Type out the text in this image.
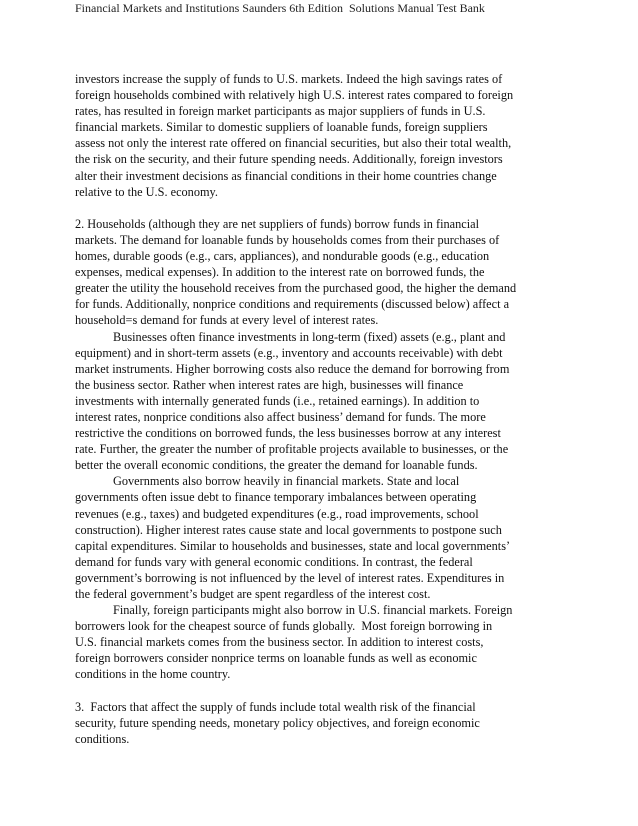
Financial Markets and Institutions Saunders 6th Edition  Solutions Manual Test Bank
investors increase the supply of funds to U.S. markets. Indeed the high savings rates of
foreign households combined with relatively high U.S. interest rates compared to foreign
rates, has resulted in foreign market participants as major suppliers of funds in U.S.
financial markets. Similar to domestic suppliers of loanable funds, foreign suppliers
assess not only the interest rate offered on financial securities, but also their total wealth,
the risk on the security, and their future spending needs. Additionally, foreign investors
alter their investment decisions as financial conditions in their home countries change
relative to the U.S. economy.
2. Households (although they are net suppliers of funds) borrow funds in financial
markets. The demand for loanable funds by households comes from their purchases of
homes, durable goods (e.g., cars, appliances), and nondurable goods (e.g., education
expenses, medical expenses). In addition to the interest rate on borrowed funds, the
greater the utility the household receives from the purchased good, the higher the demand
for funds. Additionally, nonprice conditions and requirements (discussed below) affect a
household=s demand for funds at every level of interest rates.
Businesses often finance investments in long-term (fixed) assets (e.g., plant and
equipment) and in short-term assets (e.g., inventory and accounts receivable) with debt
market instruments. Higher borrowing costs also reduce the demand for borrowing from
the business sector. Rather when interest rates are high, businesses will finance
investments with internally generated funds (i.e., retained earnings). In addition to
interest rates, nonprice conditions also affect business’ demand for funds. The more
restrictive the conditions on borrowed funds, the less businesses borrow at any interest
rate. Further, the greater the number of profitable projects available to businesses, or the
better the overall economic conditions, the greater the demand for loanable funds.
Governments also borrow heavily in financial markets. State and local
governments often issue debt to finance temporary imbalances between operating
revenues (e.g., taxes) and budgeted expenditures (e.g., road improvements, school
construction). Higher interest rates cause state and local governments to postpone such
capital expenditures. Similar to households and businesses, state and local governments’
demand for funds vary with general economic conditions. In contrast, the federal
government’s borrowing is not influenced by the level of interest rates. Expenditures in
the federal government’s budget are spent regardless of the interest cost.
Finally, foreign participants might also borrow in U.S. financial markets. Foreign
borrowers look for the cheapest source of funds globally.  Most foreign borrowing in
U.S. financial markets comes from the business sector. In addition to interest costs,
foreign borrowers consider nonprice terms on loanable funds as well as economic
conditions in the home country.
3.  Factors that affect the supply of funds include total wealth risk of the financial
security, future spending needs, monetary policy objectives, and foreign economic
conditions.
